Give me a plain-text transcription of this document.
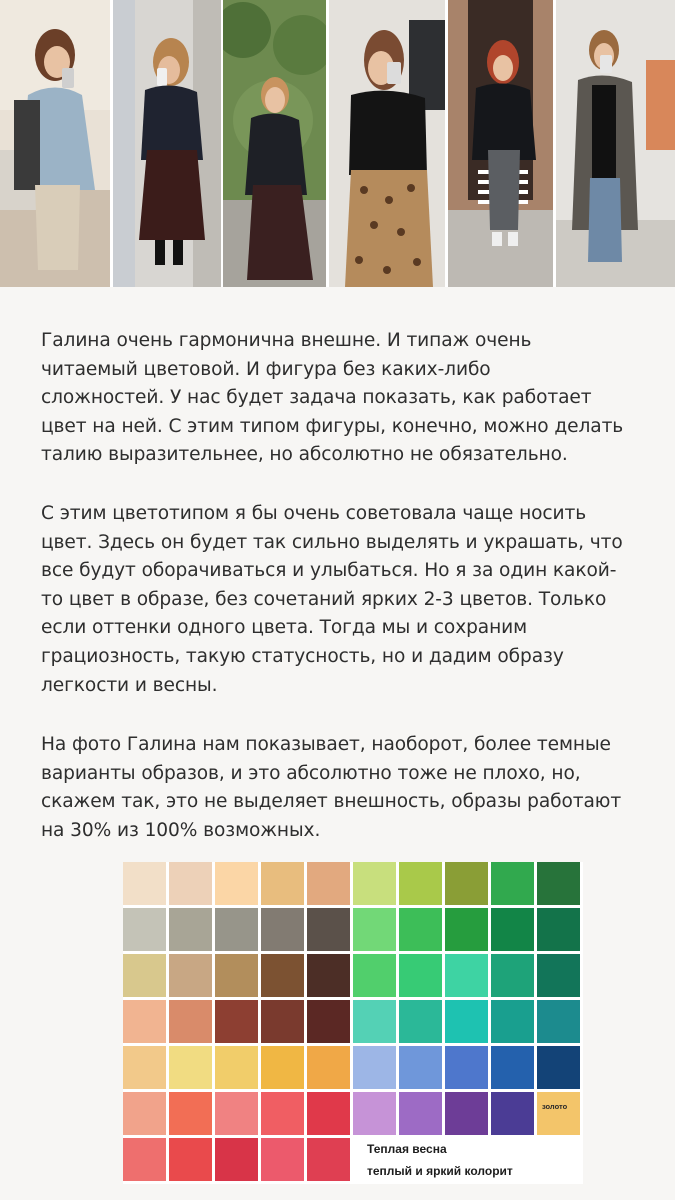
Галина очень гармонична внешне. И типаж очень
читаемый цветовой. И фигура без каких-либо
сложностей. У нас будет задача показать, как работает
цвет на ней. С этим типом фигуры, конечно, можно делать
талию выразительнее, но абсолютно не обязательно.
С этим цветотипом я бы очень советовала чаще носить
цвет. Здесь он будет так сильно выделять и украшать, что
все будут оборачиваться и улыбаться. Но я за один какой-
то цвет в образе, без сочетаний ярких 2-3 цветов. Только
если оттенки одного цвета. Тогда мы и сохраним
грациозность, такую статусность, но и дадим образу
легкости и весны.
На фото Галина нам показывает, наоборот, более темные
варианты образов, и это абсолютно тоже не плохо, но,
скажем так, это не выделяет внешность, образы работают
на 30% из 100% возможных.
Теплая весна
теплый и яркий колорит
золото
